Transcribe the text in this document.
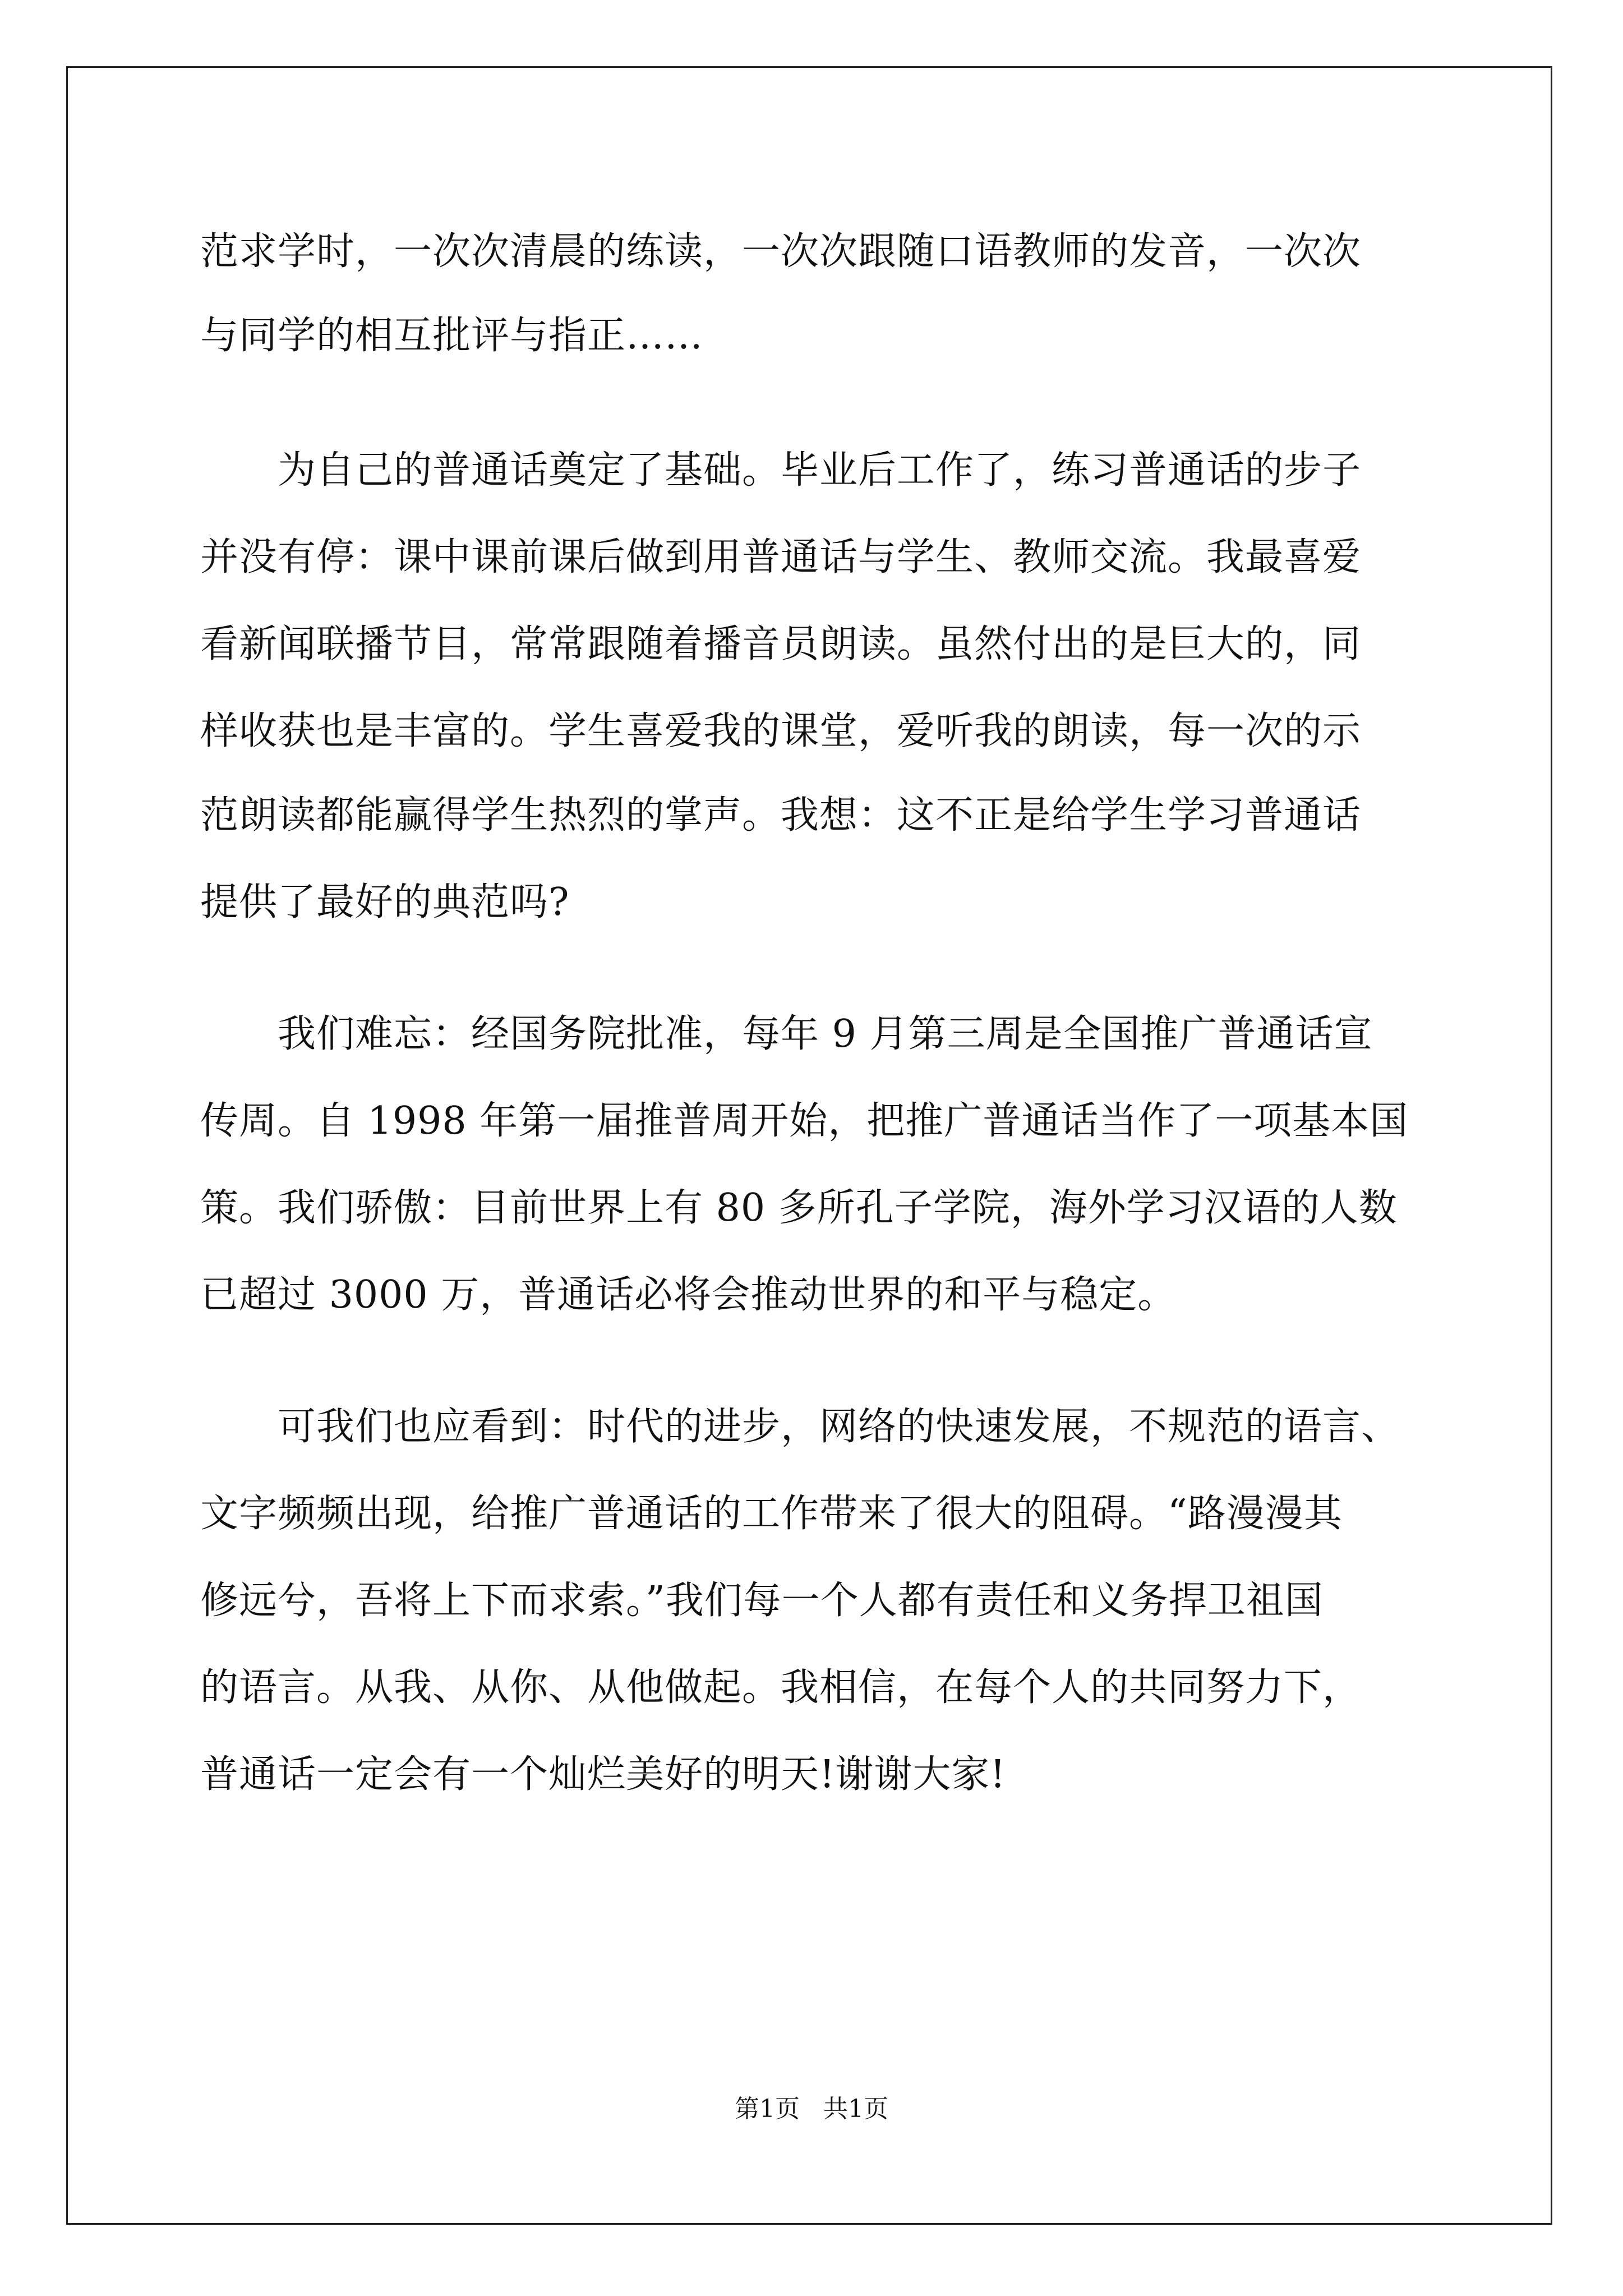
范求学时，一次次清晨的练读，一次次跟随口语教师的发音，一次次
与同学的相互批评与指正……
为自己的普通话奠定了基础。毕业后工作了，练习普通话的步子
并没有停：课中课前课后做到用普通话与学生、教师交流。我最喜爱
看新闻联播节目，常常跟随着播音员朗读。虽然付出的是巨大的，同
样收获也是丰富的。学生喜爱我的课堂，爱听我的朗读，每一次的示
范朗读都能赢得学生热烈的掌声。我想：这不正是给学生学习普通话
提供了最好的典范吗?
我们难忘：经国务院批准，每年 9 月第三周是全国推广普通话宣
传周。自 1998 年第一届推普周开始，把推广普通话当作了一项基本国
策。我们骄傲：目前世界上有 80 多所孔子学院，海外学习汉语的人数
已超过 3000 万，普通话必将会推动世界的和平与稳定。
可我们也应看到：时代的进步，网络的快速发展，不规范的语言、
文字频频出现，给推广普通话的工作带来了很大的阻碍。“路漫漫其
修远兮，吾将上下而求索。”我们每一个人都有责任和义务捍卫祖国
的语言。从我、从你、从他做起。我相信，在每个人的共同努力下，
普通话一定会有一个灿烂美好的明天!谢谢大家!
第1页 共1页
